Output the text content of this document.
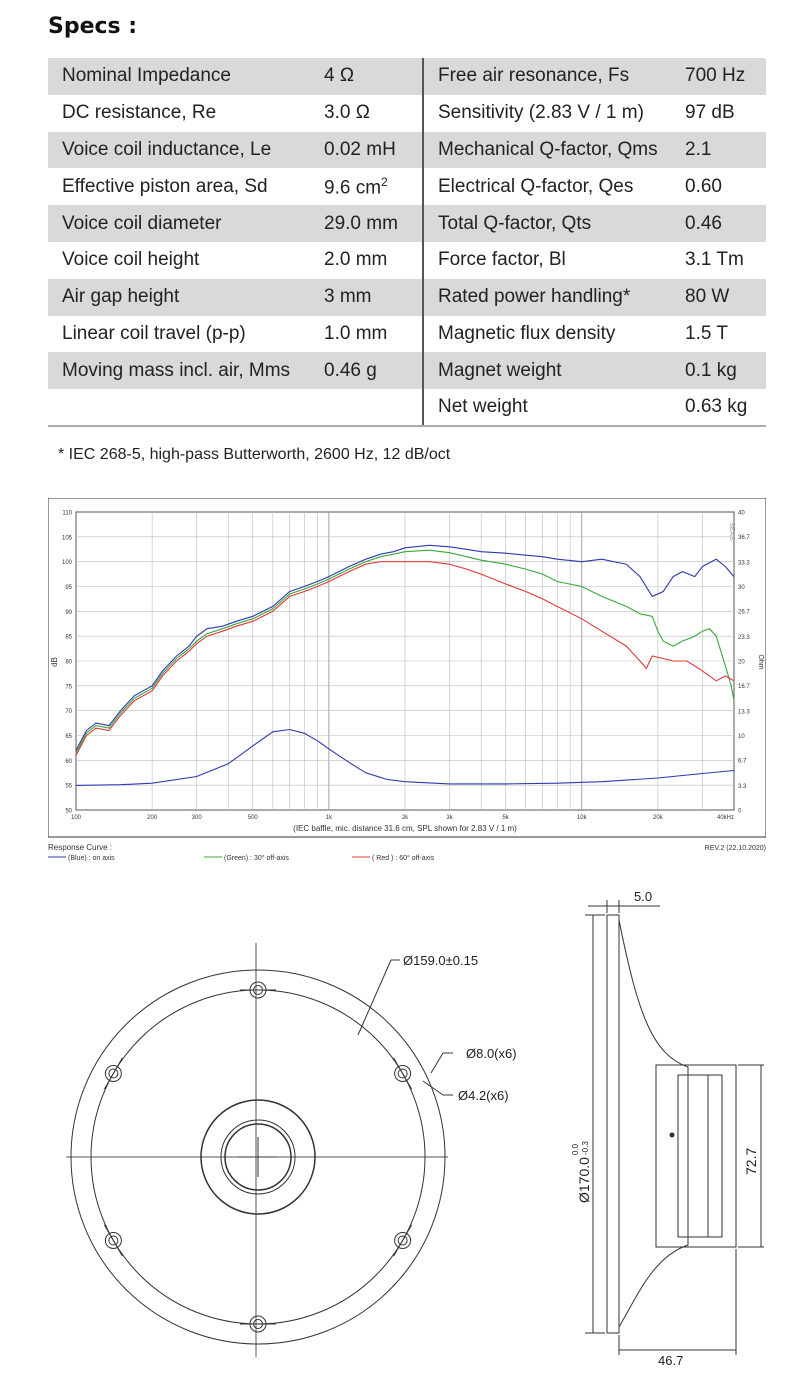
Specs :
Nominal Impedance	4 Ω	Free air resonance, Fs	700 Hz
DC resistance, Re	3.0 Ω	Sensitivity (2.83 V / 1 m)	97 dB
Voice coil inductance, Le	0.02 mH	Mechanical Q-factor, Qms	2.1
Effective piston area, Sd	9.6 $cm^2$	Electrical Q-factor, Qes	0.60
Voice coil diameter	29.0 mm	Total Q-factor, Qts	0.46
Voice coil height	2.0 mm	Force factor, Bl	3.1 Tm
Air gap height	3 mm	Rated power handling*	80 W
Linear coil travel (p-p)	1.0 mm	Magnetic flux density	1.5 T
Moving mass incl. air, Mms	0.46 g	Magnet weight	0.1 kg
		Net weight	0.63 kg
* IEC 268-5, high-pass Butterworth, 2600 Hz, 12 dB/oct
50
55
60
65
70
75
80
85
90
95
100
105
110
0
3.3
6.7
10
13.3
16.7
20
23.3
26.7
30
33.3
36.7
40
100	200	300	500	1k	2k	3k	5k	10k	20k	40kHz
dB	Ohm
SEAS
(IEC baffle, mic. distance 31.6 cm, SPL shown for 2.83 V / 1 m)
Response Curve :	REV.2 (22.10.2020)
(Blue) : on axis	(Green) : 30° off-axis	( Red ) : 60° off-axis
Ø159.0±0.15
Ø8.0(x6)
Ø4.2(x6)
5.0
Ø170.0
0.0 -0.3	72.7
46.7
